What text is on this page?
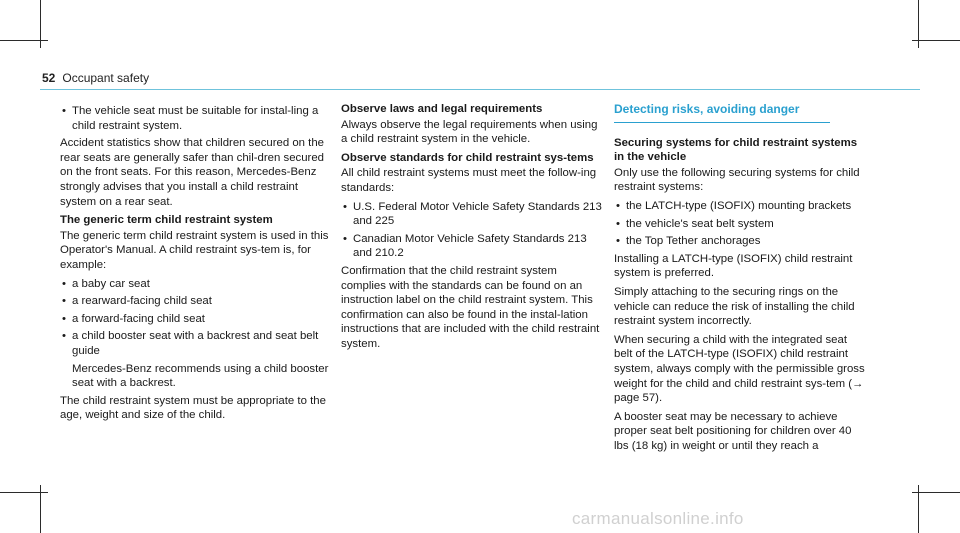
52 Occupant safety
• The vehicle seat must be suitable for instal-ling a child restraint system.

Accident statistics show that children secured on the rear seats are generally safer than chil-dren secured on the front seats. For this reason, Mercedes-Benz strongly advises that you install a child restraint system on a rear seat.

The generic term child restraint system

The generic term child restraint system is used in this Operator's Manual. A child restraint sys-tem is, for example:

• a baby car seat
• a rearward-facing child seat
• a forward-facing child seat
• a child booster seat with a backrest and seat belt guide
Mercedes-Benz recommends using a child booster seat with a backrest.

The child restraint system must be appropriate to the age, weight and size of the child.

Observe laws and legal requirements

Always observe the legal requirements when using a child restraint system in the vehicle.

Observe standards for child restraint sys-tems

All child restraint systems must meet the follow-ing standards:

• U.S. Federal Motor Vehicle Safety Standards 213 and 225
• Canadian Motor Vehicle Safety Standards 213 and 210.2

Confirmation that the child restraint system complies with the standards can be found on an instruction label on the child restraint system. This confirmation can also be found in the instal-lation instructions that are included with the child restraint system.

Detecting risks, avoiding danger
Securing systems for child restraint systems in the vehicle

Only use the following securing systems for child restraint systems:

• the LATCH-type (ISOFIX) mounting brackets
• the vehicle's seat belt system
• the Top Tether anchorages

Installing a LATCH-type (ISOFIX) child restraint system is preferred.

Simply attaching to the securing rings on the vehicle can reduce the risk of installing the child restraint system incorrectly.

When securing a child with the integrated seat belt of the LATCH-type (ISOFIX) child restraint system, always comply with the permissible gross weight for the child and child restraint sys-tem (→ page 57).

A booster seat may be necessary to achieve proper seat belt positioning for children over 40 lbs (18 kg) in weight or until they reach a

carmanualsonline.info
